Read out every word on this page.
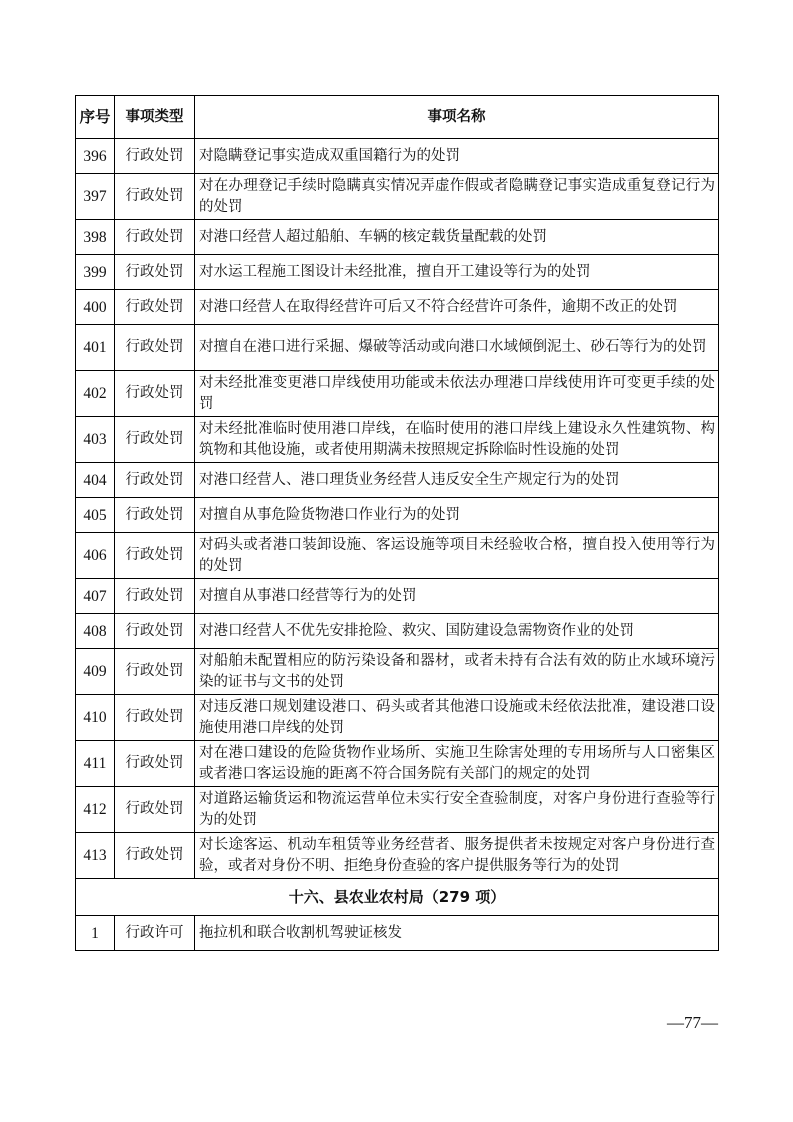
序号	事项类型	事项名称
396	行政处罚	对隐瞒登记事实造成双重国籍行为的处罚
397	行政处罚	对在办理登记手续时隐瞒真实情况弄虚作假或者隐瞒登记事实造成重复登记行为的处罚
398	行政处罚	对港口经营人超过船舶、车辆的核定载货量配载的处罚
399	行政处罚	对水运工程施工图设计未经批准，擅自开工建设等行为的处罚
400	行政处罚	对港口经营人在取得经营许可后又不符合经营许可条件，逾期不改正的处罚
401	行政处罚	对擅自在港口进行采掘、爆破等活动或向港口水域倾倒泥土、砂石等行为的处罚
402	行政处罚	对未经批准变更港口岸线使用功能或未依法办理港口岸线使用许可变更手续的处罚
403	行政处罚	对未经批准临时使用港口岸线，在临时使用的港口岸线上建设永久性建筑物、构筑物和其他设施，或者使用期满未按照规定拆除临时性设施的处罚
404	行政处罚	对港口经营人、港口理货业务经营人违反安全生产规定行为的处罚
405	行政处罚	对擅自从事危险货物港口作业行为的处罚
406	行政处罚	对码头或者港口装卸设施、客运设施等项目未经验收合格，擅自投入使用等行为的处罚
407	行政处罚	对擅自从事港口经营等行为的处罚
408	行政处罚	对港口经营人不优先安排抢险、救灾、国防建设急需物资作业的处罚
409	行政处罚	对船舶未配置相应的防污染设备和器材，或者未持有合法有效的防止水域环境污染的证书与文书的处罚
410	行政处罚	对违反港口规划建设港口、码头或者其他港口设施或未经依法批准，建设港口设施使用港口岸线的处罚
411	行政处罚	对在港口建设的危险货物作业场所、实施卫生除害处理的专用场所与人口密集区或者港口客运设施的距离不符合国务院有关部门的规定的处罚
412	行政处罚	对道路运输货运和物流运营单位未实行安全查验制度，对客户身份进行查验等行为的处罚
413	行政处罚	对长途客运、机动车租赁等业务经营者、服务提供者未按规定对客户身份进行查验，或者对身份不明、拒绝身份查验的客户提供服务等行为的处罚
十六、县农业农村局（279 项）		
1	行政许可	拖拉机和联合收割机驾驶证核发
—77—
